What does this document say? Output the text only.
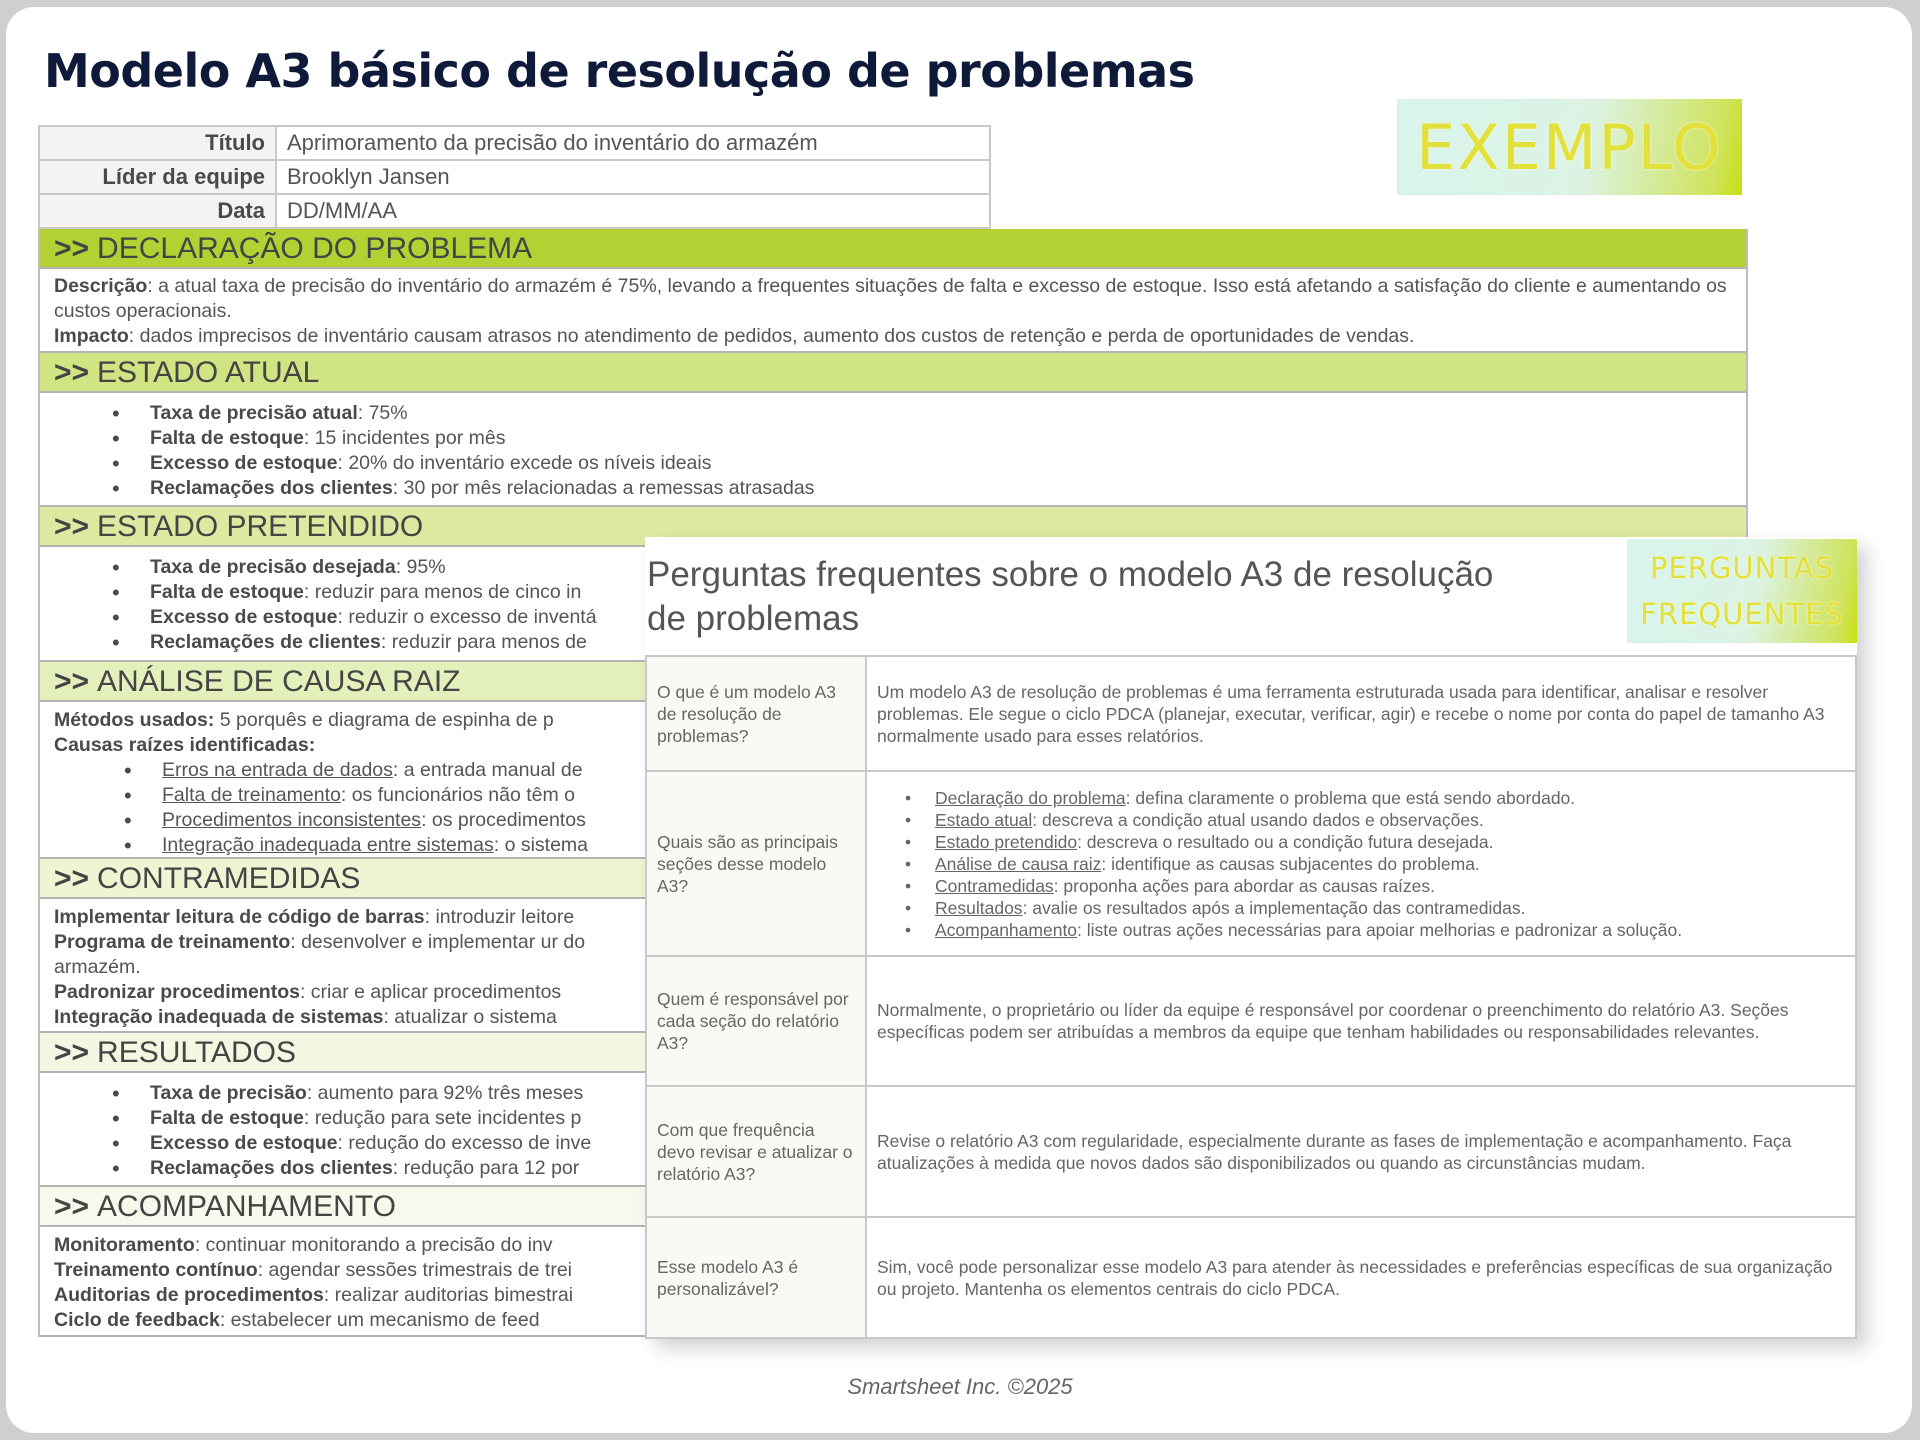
Modelo A3 básico de resolução de problemas
EXEMPLO
Título	Aprimoramento da precisão do inventário do armazém
Líder da equipe	Brooklyn Jansen
Data	DD/MM/AA
>> DECLARAÇÃO DO PROBLEMA
Descrição: a atual taxa de precisão do inventário do armazém é 75%, levando a frequentes situações de falta e excesso de estoque. Isso está afetando a satisfação do cliente e aumentando os custos operacionais.
Impacto: dados imprecisos de inventário causam atrasos no atendimento de pedidos, aumento dos custos de retenção e perda de oportunidades de vendas.
>> ESTADO ATUAL
• Taxa de precisão atual: 75%
• Falta de estoque: 15 incidentes por mês
• Excesso de estoque: 20% do inventário excede os níveis ideais
• Reclamações dos clientes: 30 por mês relacionadas a remessas atrasadas
>> ESTADO PRETENDIDO
• Taxa de precisão desejada: 95%
• Falta de estoque: reduzir para menos de cinco in
• Excesso de estoque: reduzir o excesso de inventá
• Reclamações de clientes: reduzir para menos de
>> ANÁLISE DE CAUSA RAIZ
Métodos usados: 5 porquês e diagrama de espinha de p
Causas raízes identificadas:
• Erros na entrada de dados: a entrada manual de
• Falta de treinamento: os funcionários não têm o
• Procedimentos inconsistentes: os procedimentos
• Integração inadequada entre sistemas: o sistema
>> CONTRAMEDIDAS
Implementar leitura de código de barras: introduzir leitore
Programa de treinamento: desenvolver e implementar ur do armazém.
Padronizar procedimentos: criar e aplicar procedimentos
Integração inadequada de sistemas: atualizar o sistema
>> RESULTADOS
• Taxa de precisão: aumento para 92% três meses
• Falta de estoque: redução para sete incidentes p
• Excesso de estoque: redução do excesso de inve
• Reclamações dos clientes: redução para 12 por
>> ACOMPANHAMENTO
Monitoramento: continuar monitorando a precisão do inv
Treinamento contínuo: agendar sessões trimestrais de trei
Auditorias de procedimentos: realizar auditorias bimestrai
Ciclo de feedback: estabelecer um mecanismo de feed
Perguntas frequentes sobre o modelo A3 de resolução de problemas
O que é um modelo A3 de resolução de problemas?	Um modelo A3 de resolução de problemas é uma ferramenta estruturada usada para identificar, analisar e resolver problemas. Ele segue o ciclo PDCA (planejar, executar, verificar, agir) e recebe o nome por conta do papel de tamanho A3 normalmente usado para esses relatórios.
Quais são as principais seções desse modelo A3?	
• Declaração do problema: defina claramente o problema que está sendo abordado.
• Estado atual: descreva a condição atual usando dados e observações.
• Estado pretendido: descreva o resultado ou a condição futura desejada.
• Análise de causa raiz: identifique as causas subjacentes do problema.
• Contramedidas: proponha ações para abordar as causas raízes.
• Resultados: avalie os resultados após a implementação das contramedidas.
• Acompanhamento: liste outras ações necessárias para apoiar melhorias e padronizar a solução.

Quem é responsável por cada seção do relatório A3?	Normalmente, o proprietário ou líder da equipe é responsável por coordenar o preenchimento do relatório A3. Seções específicas podem ser atribuídas a membros da equipe que tenham habilidades ou responsabilidades relevantes.
Com que frequência devo revisar e atualizar o relatório A3?	Revise o relatório A3 com regularidade, especialmente durante as fases de implementação e acompanhamento. Faça atualizações à medida que novos dados são disponibilizados ou quando as circunstâncias mudam.
Esse modelo A3 é personalizável?	Sim, você pode personalizar esse modelo A3 para atender às necessidades e preferências específicas de sua organização ou projeto. Mantenha os elementos centrais do ciclo PDCA.
PERGUNTAS
FREQUENTES
Smartsheet Inc. ©2025
